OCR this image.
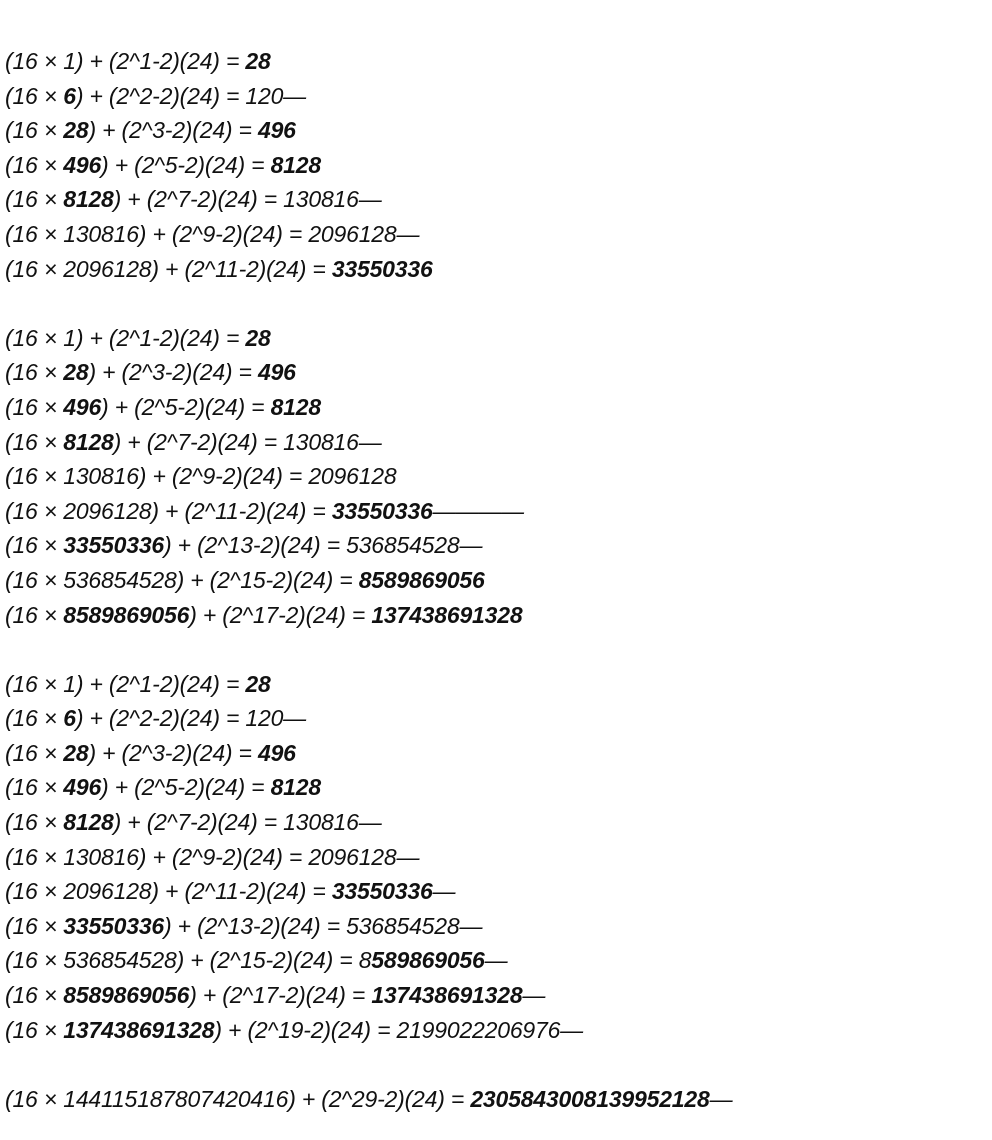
(16 × 1) + (2^1-2)(24) = 28
(16 × 6) + (2^2-2)(24) = 120—
(16 × 28) + (2^3-2)(24) = 496
(16 × 496) + (2^5-2)(24) = 8128
(16 × 8128) + (2^7-2)(24) = 130816—
(16 × 130816) + (2^9-2)(24) = 2096128—
(16 × 2096128) + (2^11-2)(24) = 33550336
(16 × 1) + (2^1-2)(24) = 28
(16 × 28) + (2^3-2)(24) = 496
(16 × 496) + (2^5-2)(24) = 8128
(16 × 8128) + (2^7-2)(24) = 130816—
(16 × 130816) + (2^9-2)(24) = 2096128
(16 × 2096128) + (2^11-2)(24) = 33550336————
(16 × 33550336) + (2^13-2)(24) = 536854528—
(16 × 536854528) + (2^15-2)(24) = 8589869056
(16 × 8589869056) + (2^17-2)(24) = 137438691328
(16 × 1) + (2^1-2)(24) = 28
(16 × 6) + (2^2-2)(24) = 120—
(16 × 28) + (2^3-2)(24) = 496
(16 × 496) + (2^5-2)(24) = 8128
(16 × 8128) + (2^7-2)(24) = 130816—
(16 × 130816) + (2^9-2)(24) = 2096128—
(16 × 2096128) + (2^11-2)(24) = 33550336—
(16 × 33550336) + (2^13-2)(24) = 536854528—
(16 × 536854528) + (2^15-2)(24) = 8589869056—
(16 × 8589869056) + (2^17-2)(24) = 137438691328—
(16 × 137438691328) + (2^19-2)(24) = 2199022206976—
(16 × 144115187807420416) + (2^29-2)(24) = 2305843008139952128—
